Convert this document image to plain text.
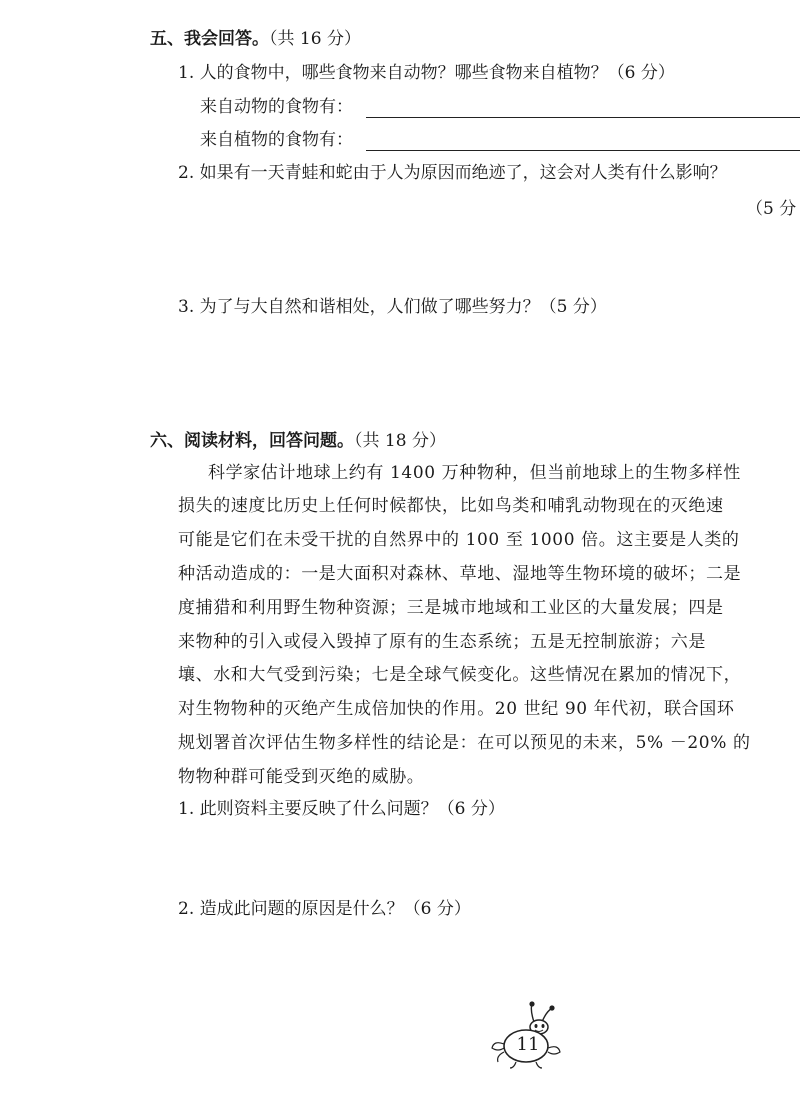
五、我会回答。（共 16 分）
1. 人的食物中，哪些食物来自动物？哪些食物来自植物？（6 分）
来自动物的食物有：
来自植物的食物有：
2. 如果有一天青蛙和蛇由于人为原因而绝迹了，这会对人类有什么影响？
（5 分
3. 为了与大自然和谐相处，人们做了哪些努力？（5 分）
六、阅读材料，回答问题。（共 18 分）
科学家估计地球上约有 1400 万种物种，但当前地球上的生物多样性
损失的速度比历史上任何时候都快，比如鸟类和哺乳动物现在的灭绝速
可能是它们在未受干扰的自然界中的 100 至 1000 倍。这主要是人类的
种活动造成的：一是大面积对森林、草地、湿地等生物环境的破坏；二是
度捕猎和利用野生物种资源；三是城市地域和工业区的大量发展；四是
来物种的引入或侵入毁掉了原有的生态系统；五是无控制旅游；六是
壤、水和大气受到污染；七是全球气候变化。这些情况在累加的情况下，
对生物物种的灭绝产生成倍加快的作用。20 世纪 90 年代初，联合国环
规划署首次评估生物多样性的结论是：在可以预见的未来，5% －20% 的
物物种群可能受到灭绝的威胁。
1. 此则资料主要反映了什么问题？（6 分）
2. 造成此问题的原因是什么？（6 分）
11
